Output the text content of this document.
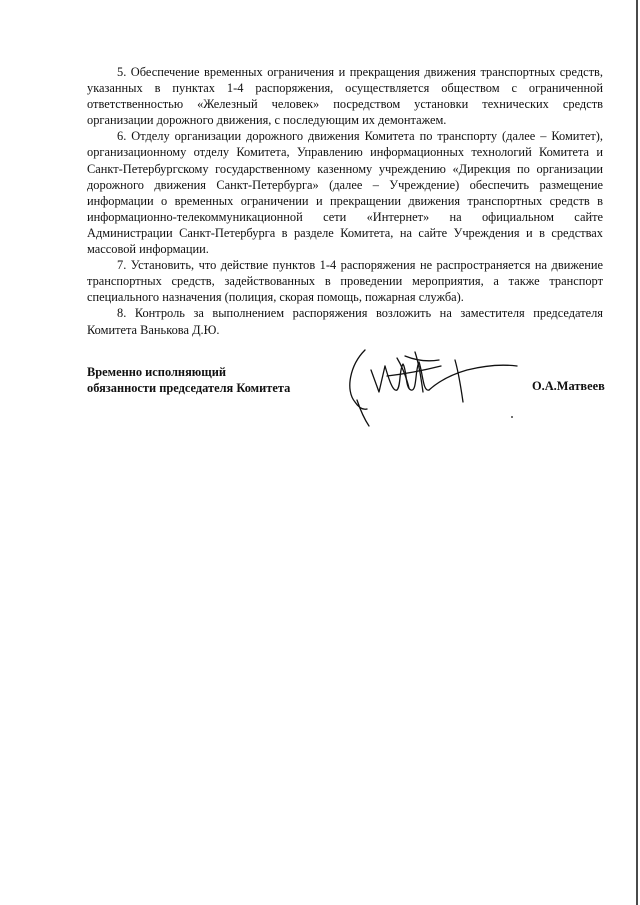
5. Обеспечение временных ограничения и прекращения движения транспортных средств, указанных в пунктах 1-4 распоряжения, осуществляется обществом с ограниченной ответственностью «Железный человек» посредством установки технических средств организации дорожного движения, с последующим их демонтажем.

6. Отделу организации дорожного движения Комитета по транспорту (далее – Комитет), организационному отделу Комитета, Управлению информационных технологий Комитета и Санкт-Петербургскому государственному казенному учреждению «Дирекция по организации дорожного движения Санкт-Петербурга» (далее – Учреждение) обеспечить размещение информации о временных ограничении и прекращении движения транспортных средств в информационно-телекоммуникационной сети «Интернет» на официальном сайте Администрации Санкт-Петербурга в разделе Комитета, на сайте Учреждения и в средствах массовой информации.

7. Установить, что действие пунктов 1-4 распоряжения не распространяется на движение транспортных средств, задействованных в проведении мероприятия, а также транспорт специального назначения (полиция, скорая помощь, пожарная служба).

8. Контроль за выполнением распоряжения возложить на заместителя председателя Комитета Ванькова Д.Ю.

Временно исполняющий
обязанности председателя Комитета	О.А.Матвеев
